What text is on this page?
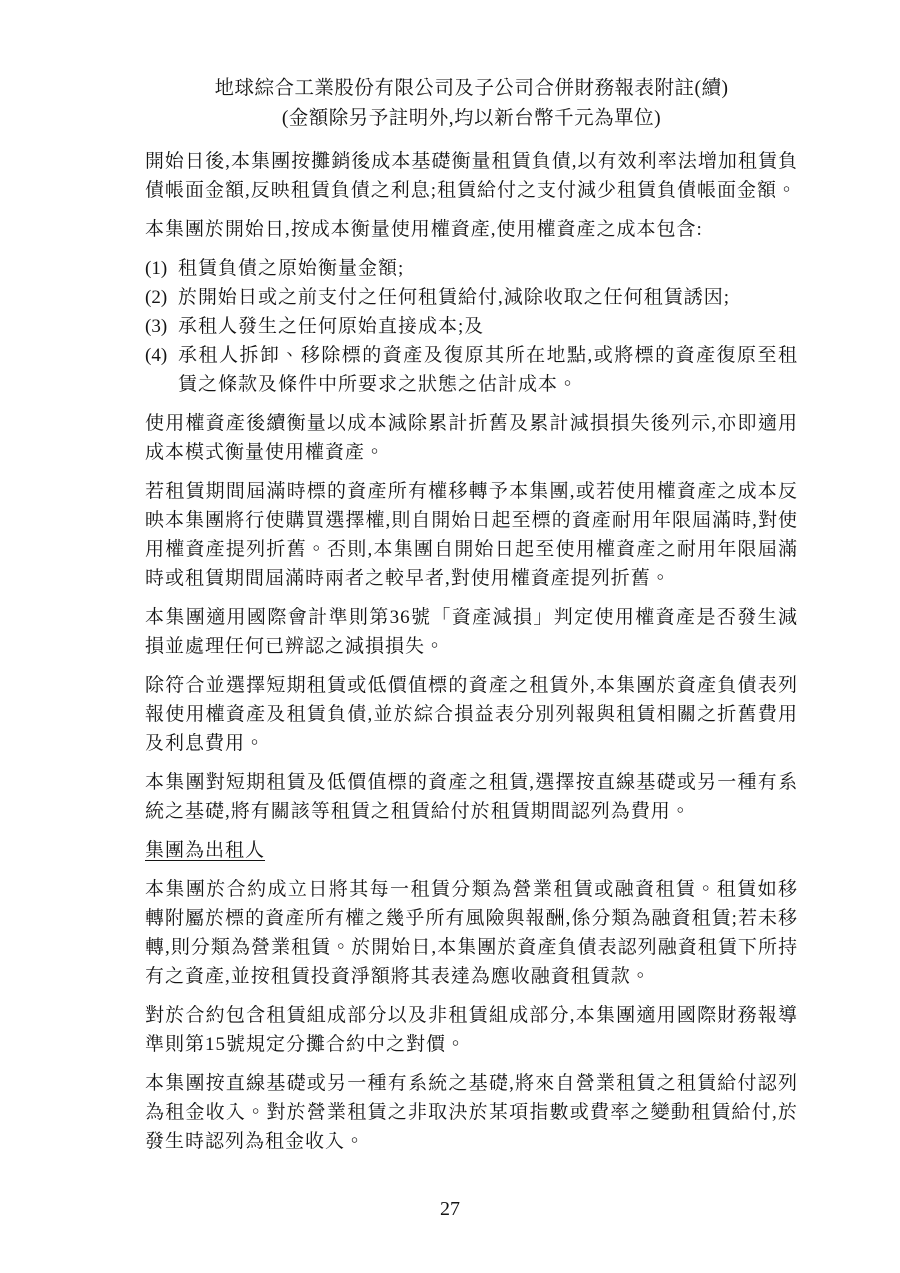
地球綜合工業股份有限公司及子公司合併財務報表附註(續)
(金額除另予註明外,均以新台幣千元為單位)

開始日後,本集團按攤銷後成本基礎衡量租賃負債,以有效利率法增加租賃負債帳面金額,反映租賃負債之利息;租賃給付之支付減少租賃負債帳面金額。

本集團於開始日,按成本衡量使用權資產,使用權資產之成本包含:

(1) 租賃負債之原始衡量金額;
(2) 於開始日或之前支付之任何租賃給付,減除收取之任何租賃誘因;
(3) 承租人發生之任何原始直接成本;及
(4) 承租人拆卸、移除標的資產及復原其所在地點,或將標的資產復原至租賃之條款及條件中所要求之狀態之估計成本。

使用權資產後續衡量以成本減除累計折舊及累計減損損失後列示,亦即適用成本模式衡量使用權資產。

若租賃期間屆滿時標的資產所有權移轉予本集團,或若使用權資產之成本反映本集團將行使購買選擇權,則自開始日起至標的資產耐用年限屆滿時,對使用權資產提列折舊。否則,本集團自開始日起至使用權資產之耐用年限屆滿時或租賃期間屆滿時兩者之較早者,對使用權資產提列折舊。

本集團適用國際會計準則第36號「資產減損」判定使用權資產是否發生減損並處理任何已辨認之減損損失。

除符合並選擇短期租賃或低價值標的資產之租賃外,本集團於資產負債表列報使用權資產及租賃負債,並於綜合損益表分別列報與租賃相關之折舊費用及利息費用。

本集團對短期租賃及低價值標的資產之租賃,選擇按直線基礎或另一種有系統之基礎,將有關該等租賃之租賃給付於租賃期間認列為費用。

集團為出租人

本集團於合約成立日將其每一租賃分類為營業租賃或融資租賃。租賃如移轉附屬於標的資產所有權之幾乎所有風險與報酬,係分類為融資租賃;若未移轉,則分類為營業租賃。於開始日,本集團於資產負債表認列融資租賃下所持有之資產,並按租賃投資淨額將其表達為應收融資租賃款。

對於合約包含租賃組成部分以及非租賃組成部分,本集團適用國際財務報導準則第15號規定分攤合約中之對價。

本集團按直線基礎或另一種有系統之基礎,將來自營業租賃之租賃給付認列為租金收入。對於營業租賃之非取決於某項指數或費率之變動租賃給付,於發生時認列為租金收入。

27
